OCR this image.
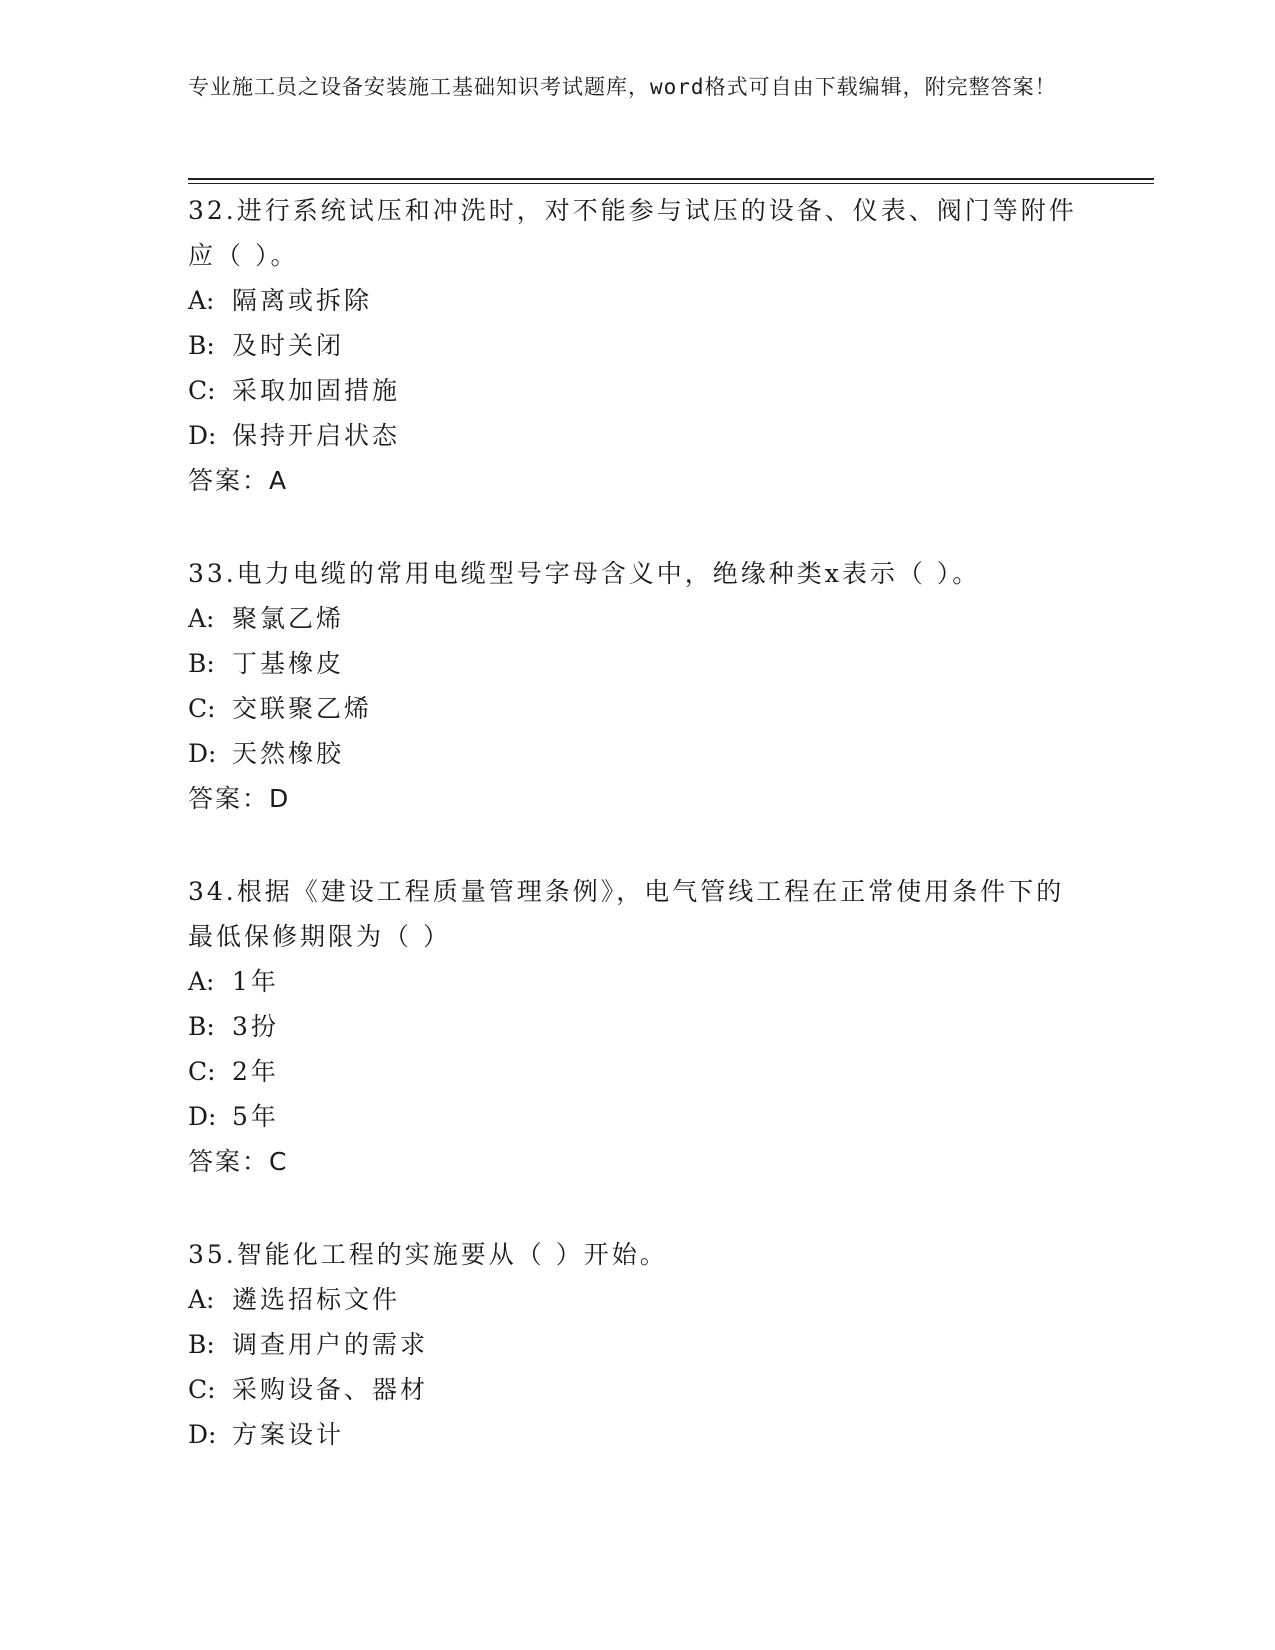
专业施工员之设备安装施工基础知识考试题库，word格式可自由下载编辑，附完整答案！
32.进行系统试压和冲洗时，对不能参与试压的设备、仪表、阀门等附件应（ ）。
A: 隔离或拆除
B: 及时关闭
C: 采取加固措施
D: 保持开启状态
答案：A
33.电力电缆的常用电缆型号字母含义中，绝缘种类x表示（ ）。
A: 聚氯乙烯
B: 丁基橡皮
C: 交联聚乙烯
D: 天然橡胶
答案：D
34.根据《建设工程质量管理条例》，电气管线工程在正常使用条件下的最低保修期限为（ ）
A: 1年
B: 3扮
C: 2年
D: 5年
答案：C
35.智能化工程的实施要从（ ）开始。
A: 遴选招标文件
B: 调查用户的需求
C: 采购设备、器材
D: 方案设计
